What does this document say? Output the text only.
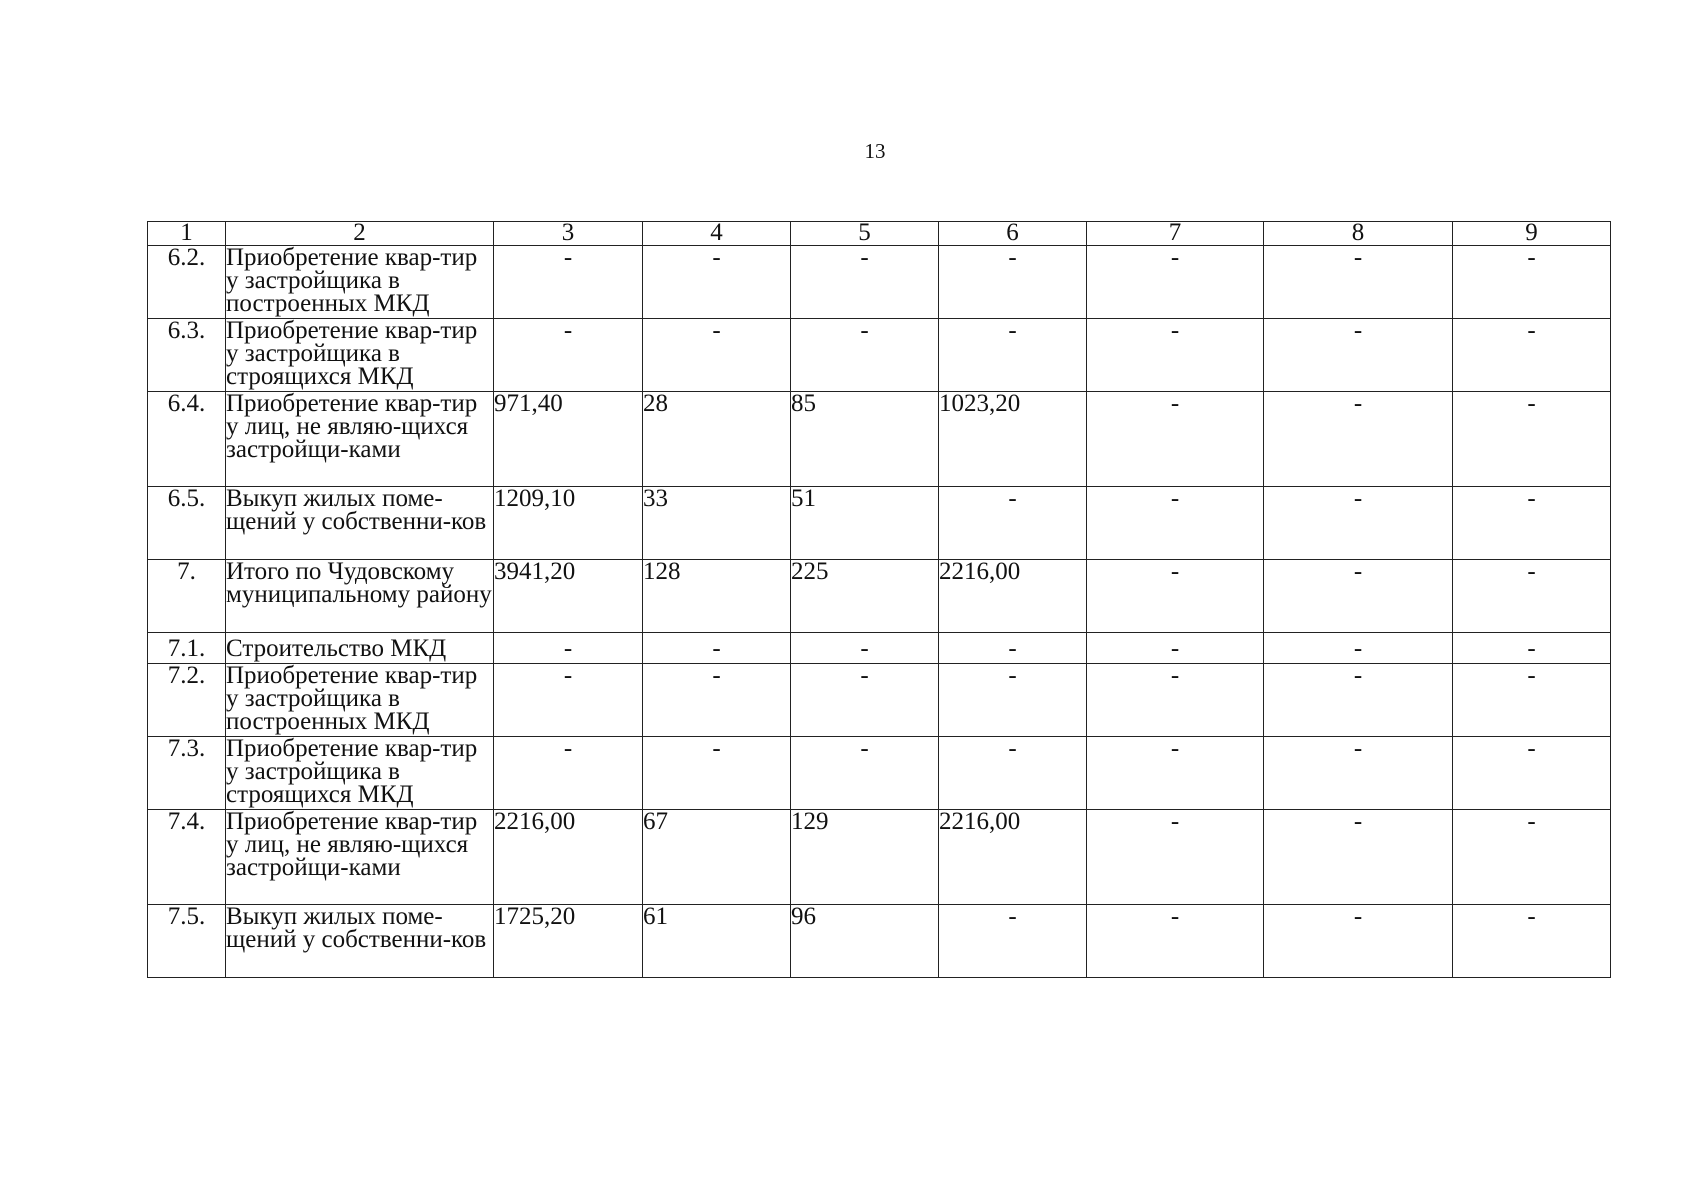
13
1	2	3	4	5	6	7	8	9
6.2.	Приобретение квар-тир у застройщика в построенных МКД	-	-	-	-	-	-	-
6.3.	Приобретение квар-тир у застройщика в строящихся МКД	-	-	-	-	-	-	-
6.4.	Приобретение квар-тир у лиц, не являю-щихся застройщи-ками	971,40	28	85	1023,20	-	-	-
6.5.	Выкуп жилых поме-щений у собственни-ков	1209,10	33	51	-	-	-	-
7.	Итого по Чудовскому муниципальному району	3941,20	128	225	2216,00	-	-	-
7.1.	Строительство МКД	-	-	-	-	-	-	-
7.2.	Приобретение квар-тир у застройщика в построенных МКД	-	-	-	-	-	-	-
7.3.	Приобретение квар-тир у застройщика в строящихся МКД	-	-	-	-	-	-	-
7.4.	Приобретение квар-тир у лиц, не являю-щихся застройщи-ками	2216,00	67	129	2216,00	-	-	-
7.5.	Выкуп жилых поме-щений у собственни-ков	1725,20	61	96	-	-	-	-
